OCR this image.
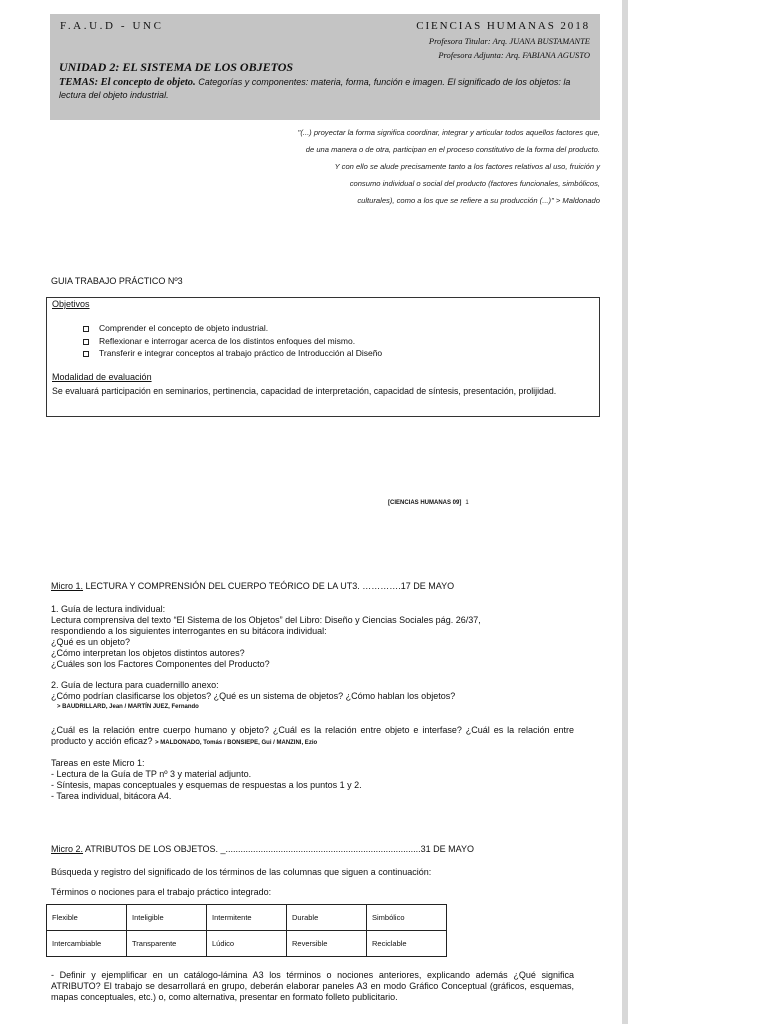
F.A.U.D - UNC	CIENCIAS HUMANAS 2018
Profesora Titular: Arq. JUANA BUSTAMANTE
Profesora Adjunta: Arq. FABIANA AGUSTO
UNIDAD 2: EL SISTEMA DE LOS OBJETOS
TEMAS: El concepto de objeto. Categorías y componentes: materia, forma, función e imagen. El significado de los objetos: la lectura del objeto industrial.
"(...) proyectar la forma significa coordinar, integrar y articular todos aquellos factores que,
de una manera o de otra, participan en el proceso constitutivo de la forma del producto.
Y con ello se alude precisamente tanto a los factores relativos al uso, fruición y
consumo individual o social del producto (factores funcionales, simbólicos,
culturales), como a los que se refiere a su producción (...)" > Maldonado
GUIA TRABAJO PRÁCTICO Nº3
Objetivos
Comprender el concepto de objeto industrial.
Reflexionar e interrogar acerca de los distintos enfoques del mismo.
Transferir e integrar conceptos al trabajo práctico de Introducción al Diseño
Modalidad de evaluación
Se evaluará participación en seminarios, pertinencia, capacidad de interpretación, capacidad de síntesis, presentación, prolijidad.
[CIENCIAS HUMANAS 09] 1
Micro 1. LECTURA Y COMPRENSIÓN DEL CUERPO TEÓRICO DE LA UT3. ………….17 DE MAYO
1. Guía de lectura individual:
Lectura comprensiva del texto “El Sistema de los Objetos” del Libro: Diseño y Ciencias Sociales pág. 26/37,
respondiendo a los siguientes interrogantes en su bitácora individual:
¿Qué es un objeto?
¿Cómo interpretan los objetos distintos autores?
¿Cuáles son los Factores Componentes del Producto?
2. Guía de lectura para cuadernillo anexo:
¿Cómo podrían clasificarse los objetos? ¿Qué es un sistema de objetos? ¿Cómo hablan los objetos?
> BAUDRILLARD, Jean / MARTÍN JUEZ, Fernando
¿Cuál es la relación entre cuerpo humano y objeto? ¿Cuál es la relación entre objeto e interfase? ¿Cuál es la relación entre producto y acción eficaz? > MALDONADO, Tomás / BONSIEPE, Gui / MANZINI, Ezio
Tareas en este Micro 1:
- Lectura de la Guía de TP nº 3 y material adjunto.
- Síntesis, mapas conceptuales y esquemas de respuestas a los puntos 1 y 2.
- Tarea individual, bitácora A4.
Micro 2. ATRIBUTOS DE LOS OBJETOS. _..............................................................................31 DE MAYO
Búsqueda y registro del significado de los términos de las columnas que siguen a continuación:
Términos o nociones para el trabajo práctico integrado:
Flexible	Inteligible	Intermitente	Durable	Simbólico
Intercambiable	Transparente	Lúdico	Reversible	Reciclable
- Definir y ejemplificar en un catálogo-lámina A3 los términos o nociones anteriores, explicando además ¿Qué significa ATRIBUTO? El trabajo se desarrollará en grupo, deberán elaborar paneles A3 en modo Gráfico Conceptual (gráficos, esquemas, mapas conceptuales, etc.) o, como alternativa, presentar en formato folleto publicitario.
